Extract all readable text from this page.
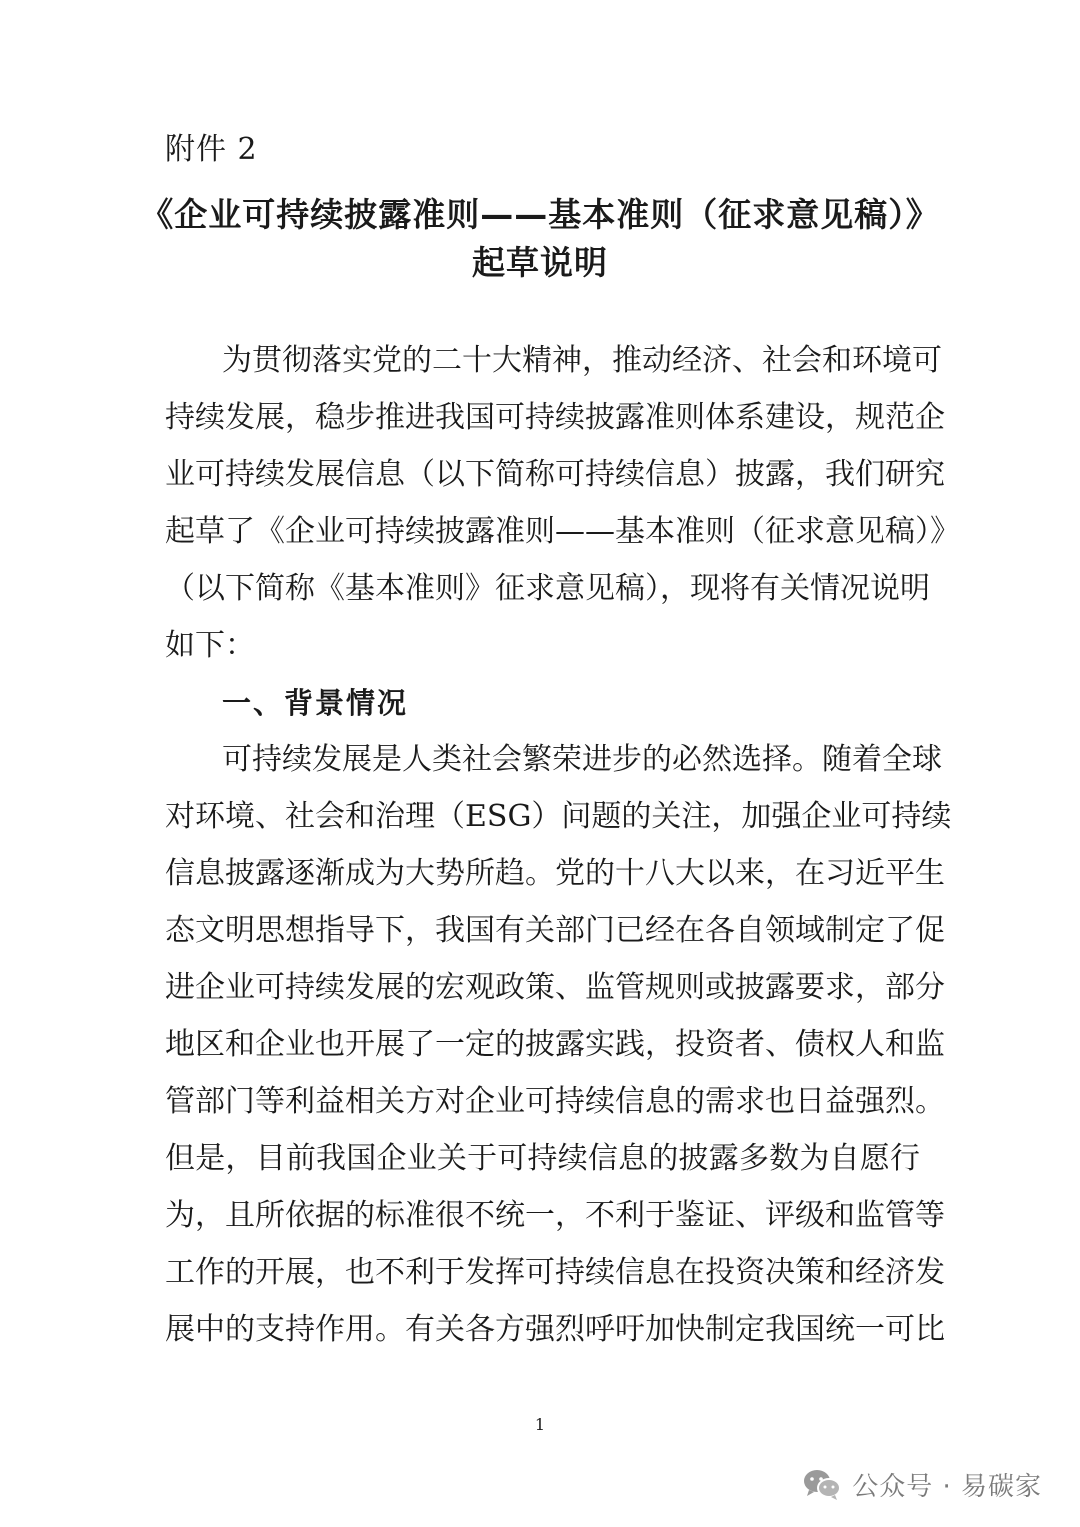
附件 2
《企业可持续披露准则——基本准则（征求意见稿）》
起草说明
为贯彻落实党的二十大精神，推动经济、社会和环境可
持续发展，稳步推进我国可持续披露准则体系建设，规范企
业可持续发展信息（以下简称可持续信息）披露，我们研究
起草了《企业可持续披露准则——基本准则（征求意见稿）》
（以下简称《基本准则》征求意见稿），现将有关情况说明
如下：
一、背景情况
可持续发展是人类社会繁荣进步的必然选择。随着全球
对环境、社会和治理（ESG）问题的关注，加强企业可持续
信息披露逐渐成为大势所趋。党的十八大以来，在习近平生
态文明思想指导下，我国有关部门已经在各自领域制定了促
进企业可持续发展的宏观政策、监管规则或披露要求，部分
地区和企业也开展了一定的披露实践，投资者、债权人和监
管部门等利益相关方对企业可持续信息的需求也日益强烈。
但是，目前我国企业关于可持续信息的披露多数为自愿行
为，且所依据的标准很不统一，不利于鉴证、评级和监管等
工作的开展，也不利于发挥可持续信息在投资决策和经济发
展中的支持作用。有关各方强烈呼吁加快制定我国统一可比
1
公众号 · 易碳家
